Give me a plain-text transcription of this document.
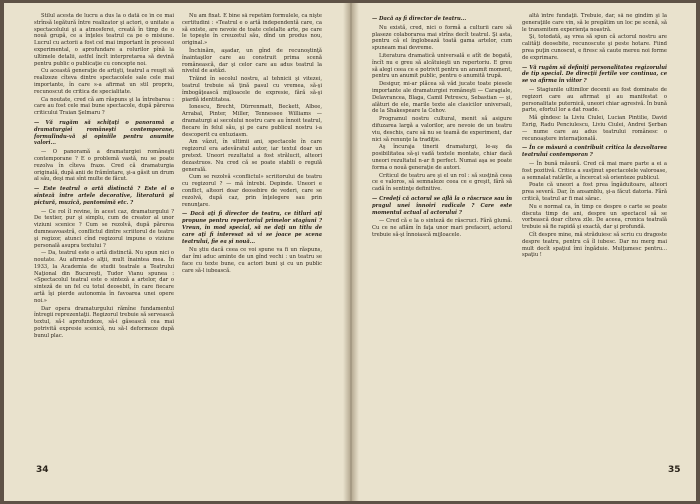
Stilul acesta de lucru a dus la o dată ce în ce mai strînsă legătură între realizator şi actori, o unitate a spectacolului şi a atmosferei, creată în timp de o nouă grupă, ce a înţeles teatrul ca pe o misiune. Lucrul cu actorii a fost cel mai important în procesul experimental, o aprofundare a rolurilor pînă la ultimele detalii, astfel încît interpretarea să devină pentru public o publicaţie cu concepte noi.

Cu această generaţie de artişti, teatrul a reuşit să realizeze cîteva dintre spectacolele sale cele mai importante, în care s-a afirmat un stil propriu, recunoscut de critica de specialitate.

Ca noutate, cred că am răspuns şi la întrebarea : care au fost cele mai bune spectacole, după părerea criticului Traian Şelmaru ?

— Vă rugăm să schiţaţi o panoramă a dramaturgiei româneşti contemporane, formulîndu-vă şi opiniile pentru anumite valori...

— O panoramă a dramaturgiei româneşti contemporane ? E o problemă vastă, nu se poate rezolva în cîteva fraze. Cred că dramaturgia originală, după anii de frămîntare, şi-a găsit un drum al său, deşi mai sînt multe de făcut.

— Este teatrul o artă distinctă ? Este el o sinteză între artele decorative, literatură şi pictură, muzică, pantomimă etc. ?

— Ce rol îl revine, în acest caz, dramaturgului ? De textier, pur şi simplu, cum de creator al unor viziuni scenice ? Cum se rezolvă, după părerea dumneavoastră, conflictul dintre scriitorul de teatru şi regizor, atunci cînd regizorul impune o viziune personală asupra textului ?

— Da, teatrul este o artă distinctă. Nu spun nici o noutate. Au afirmat-o alţii, mult înaintea mea. În 1933, la Academia de studii teatrale a Teatrului Naţional din Bucureşti, Tudor Vianu spunea : «Spectacolul teatral este o sinteză a artelor, dar o sinteză de un fel cu totul deosebit, în care fiecare artă îşi pierde autonomia în favoarea unei opere noi.»

Dar opera dramaturgului rămîne fundamentul întregii reprezentaţii. Regizorul trebuie să servească textul, să-l aprofundeze, să-i găsească cea mai potrivită expresie scenică, nu să-l deformeze după bunul plac.

Nu am fixat. E bine să repetăm formulele, ca nişte certitudini : «Teatrul e o artă independentă care, ca să existe, are nevoie de toate celelalte arte, pe care le topeşte în creuzetul său, dînd un produs nou, original.»

Închinăm, aşadar, un gînd de recunoştinţă înaintaşilor care au construit prima scenă românească, dar şi celor care au adus teatrul la nivelul de astăzi.

Trăind în secolul nostru, al tehnicii şi vitezei, teatrul trebuie să ţină pasul cu vremea, să-şi îmbogăţească mijloacele de expresie, fără să-şi piardă identitatea.

Ionescu, Brecht, Dürrenmatt, Beckett, Albee, Arrabal, Pinter, Miller, Tennessee Williams — dramaturgi ai secolului nostru care au înnoit teatrul, fiecare în felul său, şi pe care publicul nostru i-a descoperit cu entuziasm.

Am văzut, în ultimii ani, spectacole în care regizorul era adevăratul autor, iar textul doar un pretext. Uneori rezultatul a fost strălucit, alteori dezastruos. Nu cred că se poate stabili o regulă generală.

Cum se rezolvă «conflictul» scriitorului de teatru cu regizorul ? — mă întrebi. Depinde. Uneori e conflict, alteori doar deosebire de vederi, care se rezolvă, după caz, prin înţelegere sau prin renunţare.

— Dacă aţi fi director de teatru, ce titluri aţi propune pentru repertoriul primelor stagiuni ? Vreun, în mod special, să ne daţi un titlu de care aţi fi interesat să vi se joace pe scena teatrului, fie ea şi nouă...

Nu ştiu dacă ceea ce voi spune va fi un răspuns, dar îmi aduc aminte de un gînd vechi : un teatru se face cu texte bune, cu actori buni şi cu un public care să-l iubească.

34

— Dacă aş fi director de teatru...

Nu există, cred, nici o formă a culturii care să plaseze colaborarea mai strîns decît teatrul. Şi asta, pentru că el înglobează toată gama artelor, cum spuneam mai devreme.

Literatura dramatică universală e atît de bogată, încît nu e greu să alcătuieşti un repertoriu. E greu să alegi ceea ce e potrivit pentru un anumit moment, pentru un anumit public, pentru o anumită trupă.

Desigur, mi-ar plăcea să văd jucate toate piesele importante ale dramaturgiei româneşti — Caragiale, Delavrancea, Blaga, Camil Petrescu, Sebastian — şi, alături de ele, marile texte ale clasicilor universali, de la Shakespeare la Cehov.

Programul nostru cultural, menit să asigure difuzarea largă a valorilor, are nevoie de un teatru viu, deschis, care să nu se teamă de experiment, dar nici să renunţe la tradiţie.

Aş încuraja tinerii dramaturgi, le-aş da posibilitatea să-şi vadă textele montate, chiar dacă uneori rezultatul n-ar fi perfect. Numai aşa se poate forma o nouă generaţie de autori.

Criticul de teatru are şi el un rol : să susţină ceea ce e valoros, să semnaleze ceea ce e greşit, fără să cadă în sentinţe definitive.

— Credeţi că actorul se află la o răscruce sau în pragul unei înnoiri radicale ? Care este momentul actual al actorului ?

— Cred că e la o sinteză de răscruci. Fără glumă. Cu ce ne aflăm în faţa unor mari prefaceri, actorul trebuie să-şi înnoiască mijloacele.

altă între fundaţii. Trebuie, dar, să ne gîndim şi la generaţiile care vin, să le pregătim un loc pe scenă, să le transmitem experienţa noastră.

Şi, totodată, aş vrea să spun că actorul nostru are calităţi deosebite, recunoscute şi peste hotare. Fiind prea puţin cunoscut, e firesc să caute mereu noi forme de exprimare.

— Vă rugăm să definiţi personalitatea regizorului de tip special. De direcţii fertile vor continua, ce se va afirma în viitor ?

— Stagiunile ultimilor decenii au fost dominate de regizori care au afirmat şi au manifestat o personalitate puternică, uneori chiar agresivă. În bună parte, efortul lor a dat roade.

Mă gîndesc la Liviu Ciulei, Lucian Pintilie, David Esrig, Radu Penciulescu, Liviu Ciulei, Andrei Şerban — nume care au adus teatrului românesc o recunoaştere internaţională.

— În ce măsură a contribuit critica la dezvoltarea teatrului contemporan ?

— În bună măsură. Cred că mai mare parte a ei a fost pozitivă. Critica a susţinut spectacolele valoroase, a semnalat ratările, a încercat să orienteze publicul.

Poate că uneori a fost prea îngăduitoare, alteori prea severă. Dar, în ansamblu, şi-a făcut datoria. Fără critică, teatrul ar fi mai sărac.

Nu e normal ca, în timp ce despre o carte se poate discuta timp de ani, despre un spectacol să se vorbească doar cîteva zile. De aceea, cronica teatrală trebuie să fie rapidă şi exactă, dar şi profundă.

Cît despre mine, mă străduiesc să scriu cu dragoste despre teatru, pentru că îl iubesc. Dar nu merg mai mult decît spaţiul îmi îngăduie. Mulţumesc pentru... spaţiu !

35
